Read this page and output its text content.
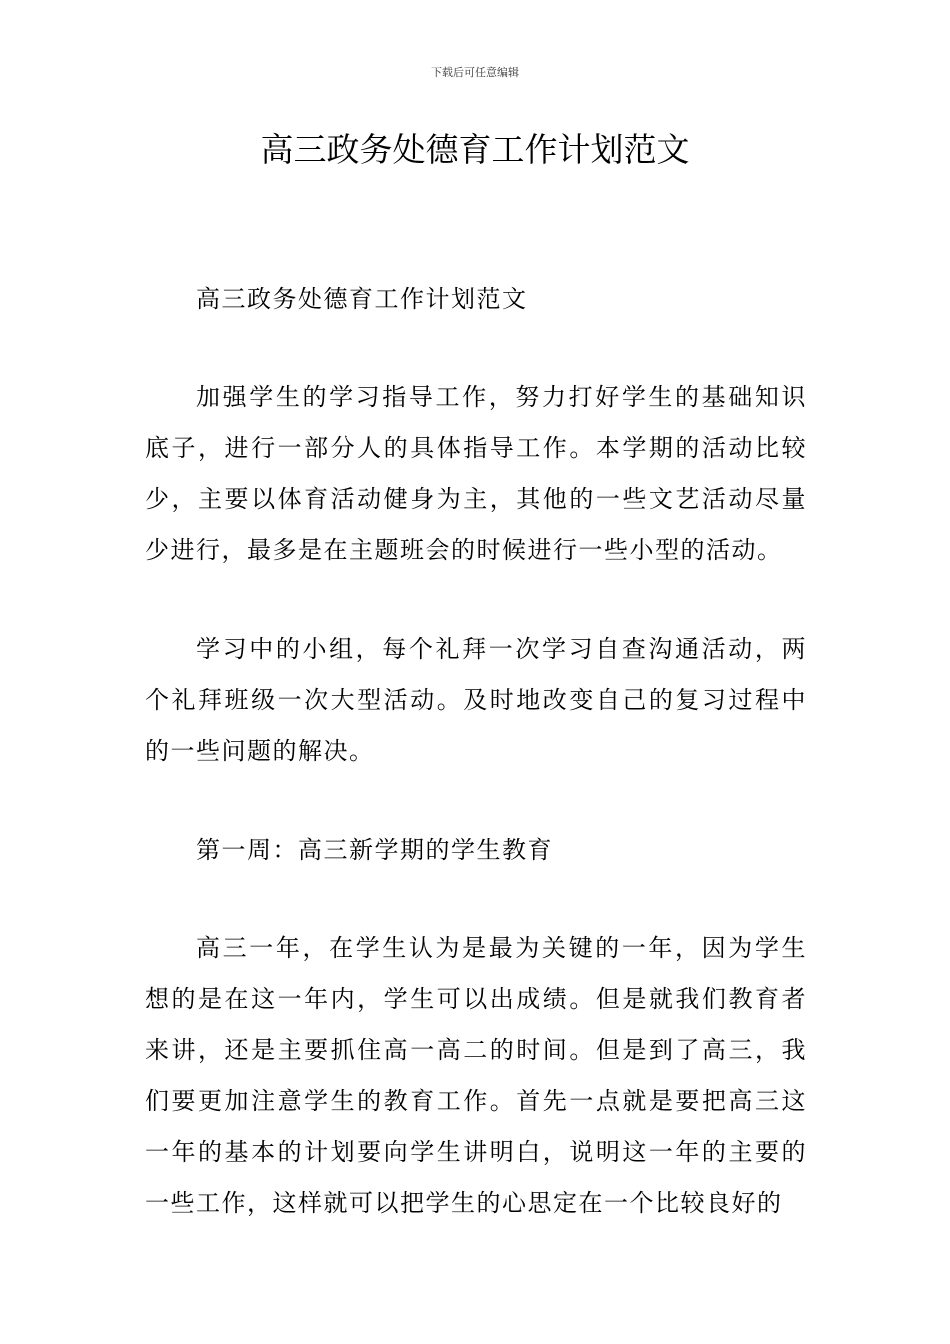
下载后可任意编辑
高三政务处德育工作计划范文

高三政务处德育工作计划范文

加强学生的学习指导工作，努力打好学生的基础知识底子，进行一部分人的具体指导工作。本学期的活动比较少，主要以体育活动健身为主，其他的一些文艺活动尽量少进行，最多是在主题班会的时候进行一些小型的活动。

学习中的小组，每个礼拜一次学习自查沟通活动，两个礼拜班级一次大型活动。及时地改变自己的复习过程中的一些问题的解决。

第一周：高三新学期的学生教育

高三一年，在学生认为是最为关键的一年，因为学生想的是在这一年内，学生可以出成绩。但是就我们教育者来讲，还是主要抓住高一高二的时间。但是到了高三，我们要更加注意学生的教育工作。首先一点就是要把高三这一年的基本的计划要向学生讲明白，说明这一年的主要的一些工作，这样就可以把学生的心思定在一个比较良好的
